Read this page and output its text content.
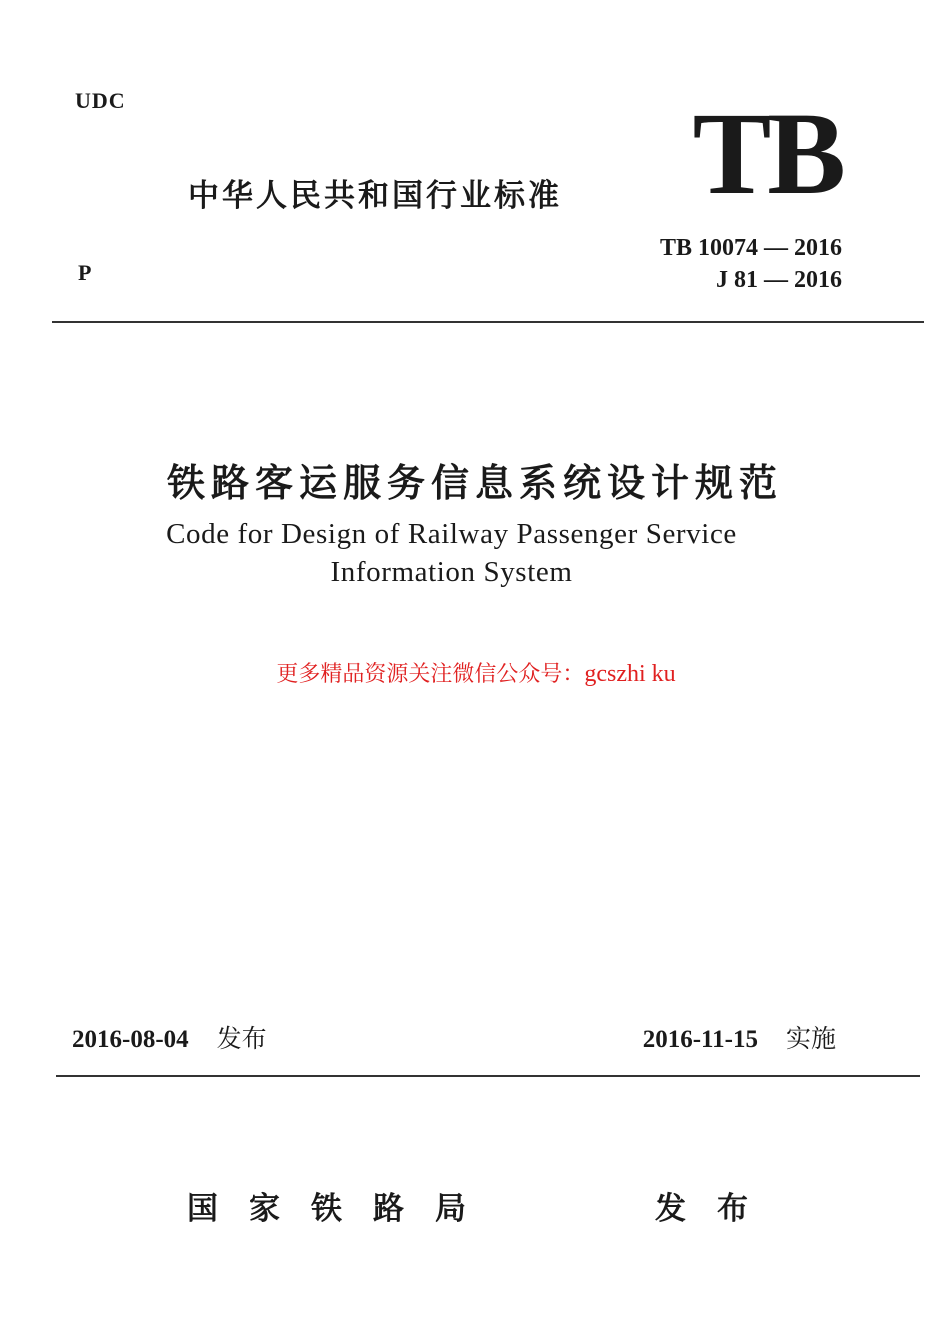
UDC	TB
中华人民共和国行业标准
TB 10074 — 2016
J 81 — 2016
P
铁路客运服务信息系统设计规范
Code for Design of Railway Passenger Service
Information System
更多精品资源关注微信公众号：gcszhi ku
2016-08-04 发布	2016-11-15 实施
国家铁路局	发布
